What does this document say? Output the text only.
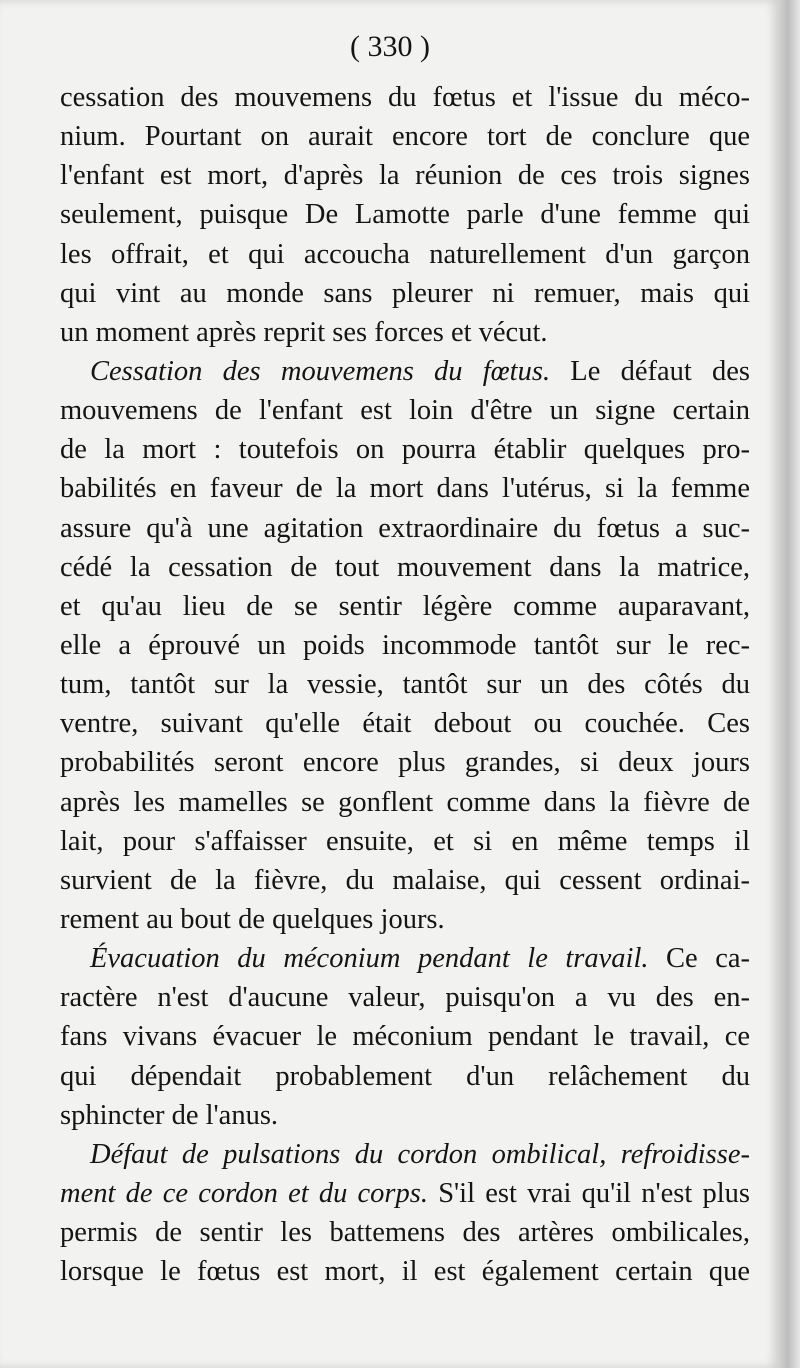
( 330 )
cessation des mouvemens du fœtus et l'issue du méco-
nium. Pourtant on aurait encore tort de conclure que
l'enfant est mort, d'après la réunion de ces trois signes
seulement, puisque De Lamotte parle d'une femme qui
les offrait, et qui accoucha naturellement d'un garçon
qui vint au monde sans pleurer ni remuer, mais qui
un moment après reprit ses forces et vécut.
Cessation des mouvemens du fœtus. Le défaut des
mouvemens de l'enfant est loin d'être un signe certain
de la mort : toutefois on pourra établir quelques pro-
babilités en faveur de la mort dans l'utérus, si la femme
assure qu'à une agitation extraordinaire du fœtus a suc-
cédé la cessation de tout mouvement dans la matrice,
et qu'au lieu de se sentir légère comme auparavant,
elle a éprouvé un poids incommode tantôt sur le rec-
tum, tantôt sur la vessie, tantôt sur un des côtés du
ventre, suivant qu'elle était debout ou couchée. Ces
probabilités seront encore plus grandes, si deux jours
après les mamelles se gonflent comme dans la fièvre de
lait, pour s'affaisser ensuite, et si en même temps il
survient de la fièvre, du malaise, qui cessent ordinai-
rement au bout de quelques jours.
Évacuation du méconium pendant le travail. Ce ca-
ractère n'est d'aucune valeur, puisqu'on a vu des en-
fans vivans évacuer le méconium pendant le travail, ce
qui dépendait probablement d'un relâchement du
sphincter de l'anus.
Défaut de pulsations du cordon ombilical, refroidisse-
ment de ce cordon et du corps. S'il est vrai qu'il n'est plus
permis de sentir les battemens des artères ombilicales,
lorsque le fœtus est mort, il est également certain que
